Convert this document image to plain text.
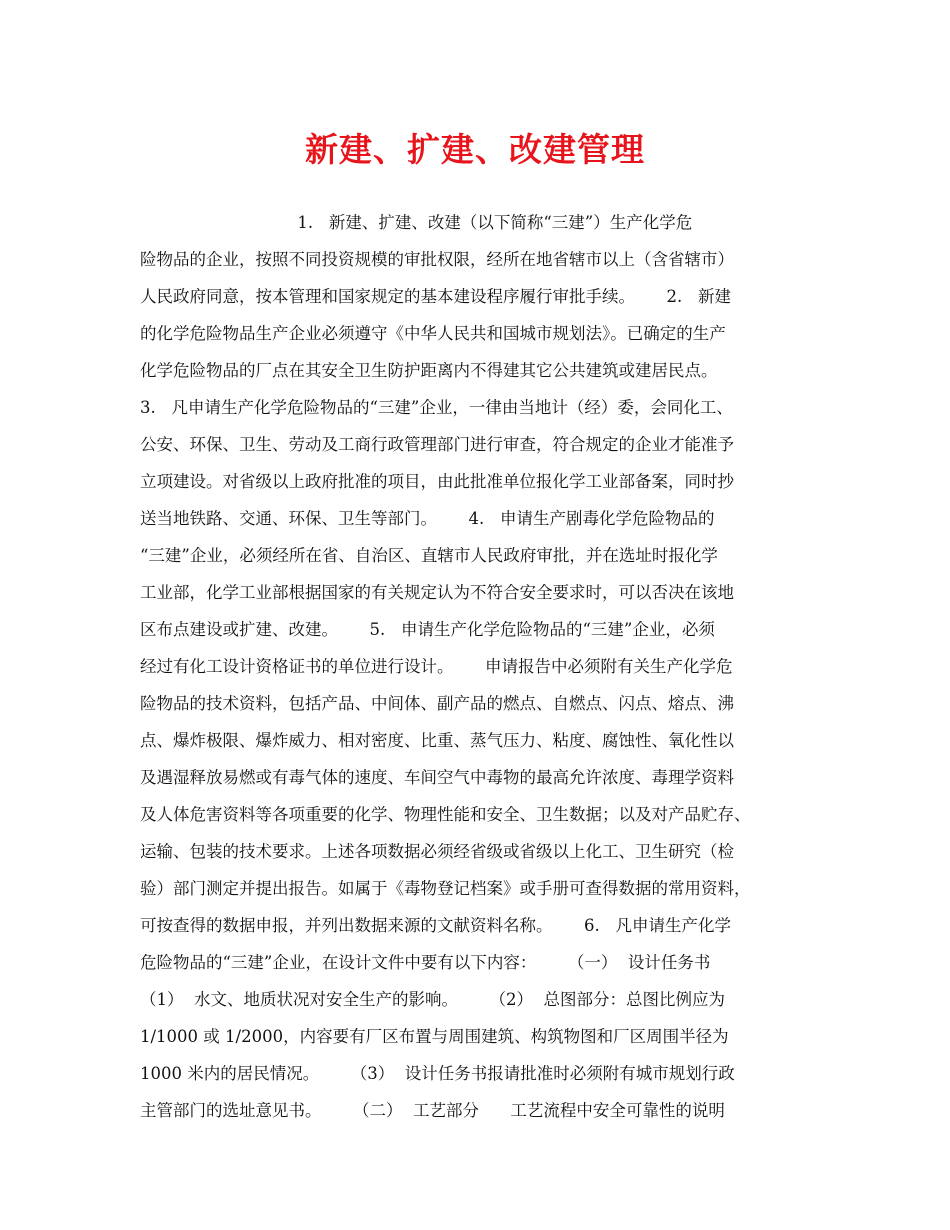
新建、扩建、改建管理
1.   新建、扩建、改建（以下简称“三建”）生产化学危
险物品的企业，按照不同投资规模的审批权限，经所在地省辖市以上（含省辖市）
人民政府同意，按本管理和国家规定的基本建设程序履行审批手续。      2.   新建
的化学危险物品生产企业必须遵守《中华人民共和国城市规划法》。已确定的生产
化学危险物品的厂点在其安全卫生防护距离内不得建其它公共建筑或建居民点。
3.   凡申请生产化学危险物品的“三建”企业，一律由当地计（经）委，会同化工、
公安、环保、卫生、劳动及工商行政管理部门进行审查，符合规定的企业才能准予
立项建设。对省级以上政府批准的项目，由此批准单位报化学工业部备案，同时抄
送当地铁路、交通、环保、卫生等部门。      4.   申请生产剧毒化学危险物品的
“三建”企业，必须经所在省、自治区、直辖市人民政府审批，并在选址时报化学
工业部，化学工业部根据国家的有关规定认为不符合安全要求时，可以否决在该地
区布点建设或扩建、改建。      5.   申请生产化学危险物品的“三建”企业，必须
经过有化工设计资格证书的单位进行设计。      申请报告中必须附有关生产化学危
险物品的技术资料，包括产品、中间体、副产品的燃点、自燃点、闪点、熔点、沸
点、爆炸极限、爆炸威力、相对密度、比重、蒸气压力、粘度、腐蚀性、氧化性以
及遇湿释放易燃或有毒气体的速度、车间空气中毒物的最高允许浓度、毒理学资料
及人体危害资料等各项重要的化学、物理性能和安全、卫生数据；以及对产品贮存、
运输、包装的技术要求。上述各项数据必须经省级或省级以上化工、卫生研究（检
验）部门测定并提出报告。如属于《毒物登记档案》或手册可查得数据的常用资料，
可按查得的数据申报，并列出数据来源的文献资料名称。      6.   凡申请生产化学
危险物品的“三建”企业，在设计文件中要有以下内容：      （一）  设计任务书
（1）  水文、地质状况对安全生产的影响。      （2）  总图部分：总图比例应为
1/1000 或 1/2000，内容要有厂区布置与周围建筑、构筑物图和厂区周围半径为
1000 米内的居民情况。      （3）  设计任务书报请批准时必须附有城市规划行政
主管部门的选址意见书。      （二）  工艺部分      工艺流程中安全可靠性的说明
